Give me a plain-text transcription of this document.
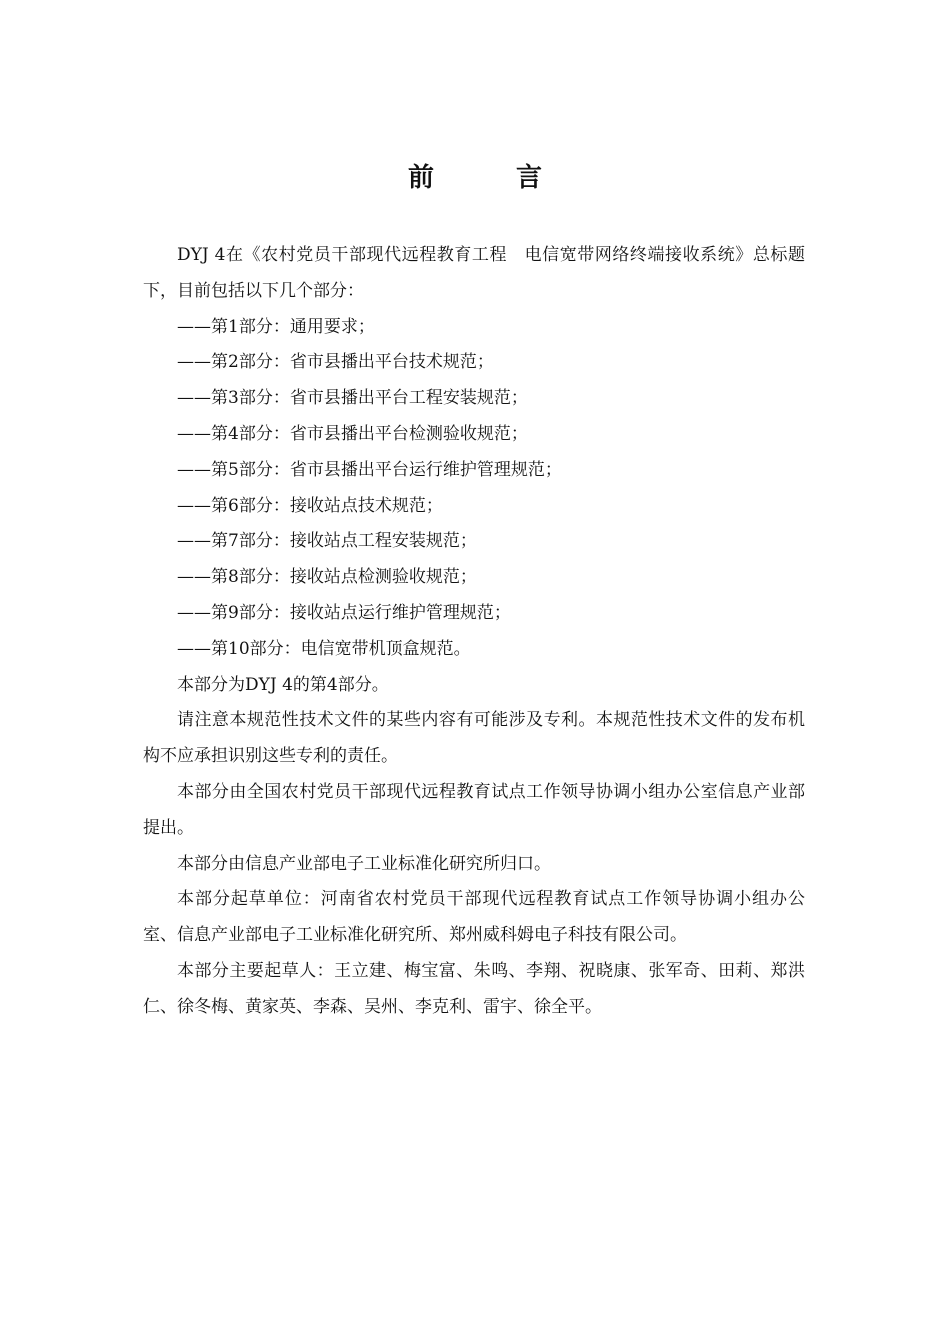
前　言

DYJ 4在《农村党员干部现代远程教育工程　电信宽带网络终端接收系统》总标题下，目前包括以下几个部分：

——第1部分：通用要求；

——第2部分：省市县播出平台技术规范；

——第3部分：省市县播出平台工程安装规范；

——第4部分：省市县播出平台检测验收规范；

——第5部分：省市县播出平台运行维护管理规范；

——第6部分：接收站点技术规范；

——第7部分：接收站点工程安装规范；

——第8部分：接收站点检测验收规范；

——第9部分：接收站点运行维护管理规范；

——第10部分：电信宽带机顶盒规范。

本部分为DYJ 4的第4部分。

请注意本规范性技术文件的某些内容有可能涉及专利。本规范性技术文件的发布机构不应承担识别这些专利的责任。

本部分由全国农村党员干部现代远程教育试点工作领导协调小组办公室信息产业部提出。

本部分由信息产业部电子工业标准化研究所归口。

本部分起草单位：河南省农村党员干部现代远程教育试点工作领导协调小组办公室、信息产业部电子工业标准化研究所、郑州威科姆电子科技有限公司。

本部分主要起草人：王立建、梅宝富、朱鸣、李翔、祝晓康、张军奇、田莉、郑洪仁、徐冬梅、黄家英、李森、吴州、李克利、雷宇、徐全平。
